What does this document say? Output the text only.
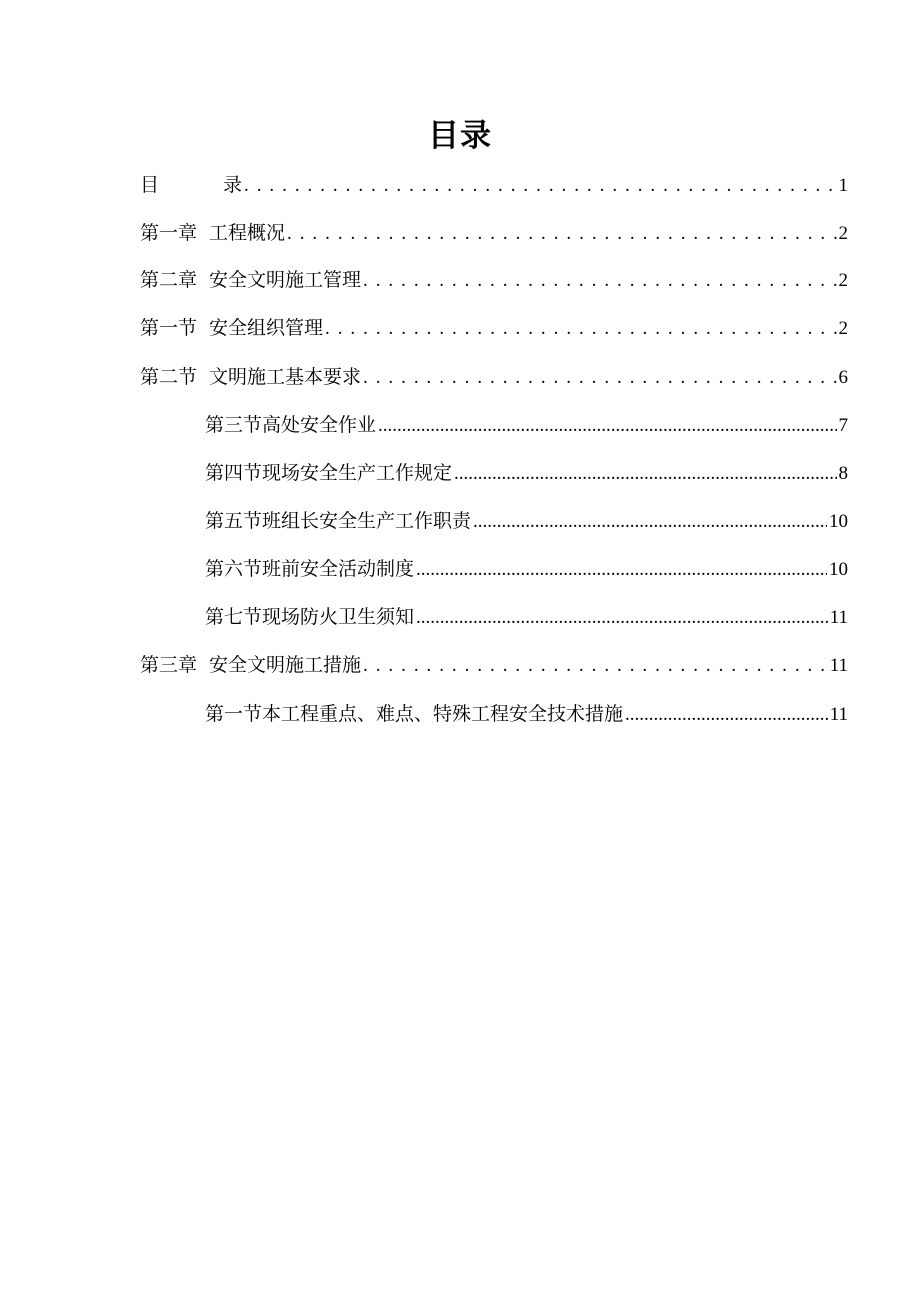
目录
目	录 . . .	1
第一章 工程概况 . . .	2
第二章 安全文明施工管理 . . .	2
第一节 安全组织管理 . . .	2
第二节 文明施工基本要求 . . .	6
第三节高处安全作业 .....	7
第四节现场安全生产工作规定 .....	8
第五节班组长安全生产工作职责 .....	10
第六节班前安全活动制度 .....	10
第七节现场防火卫生须知 .....	11
第三章 安全文明施工措施 . . .	11
第一节本工程重点、难点、特殊工程安全技术措施 .....	11
